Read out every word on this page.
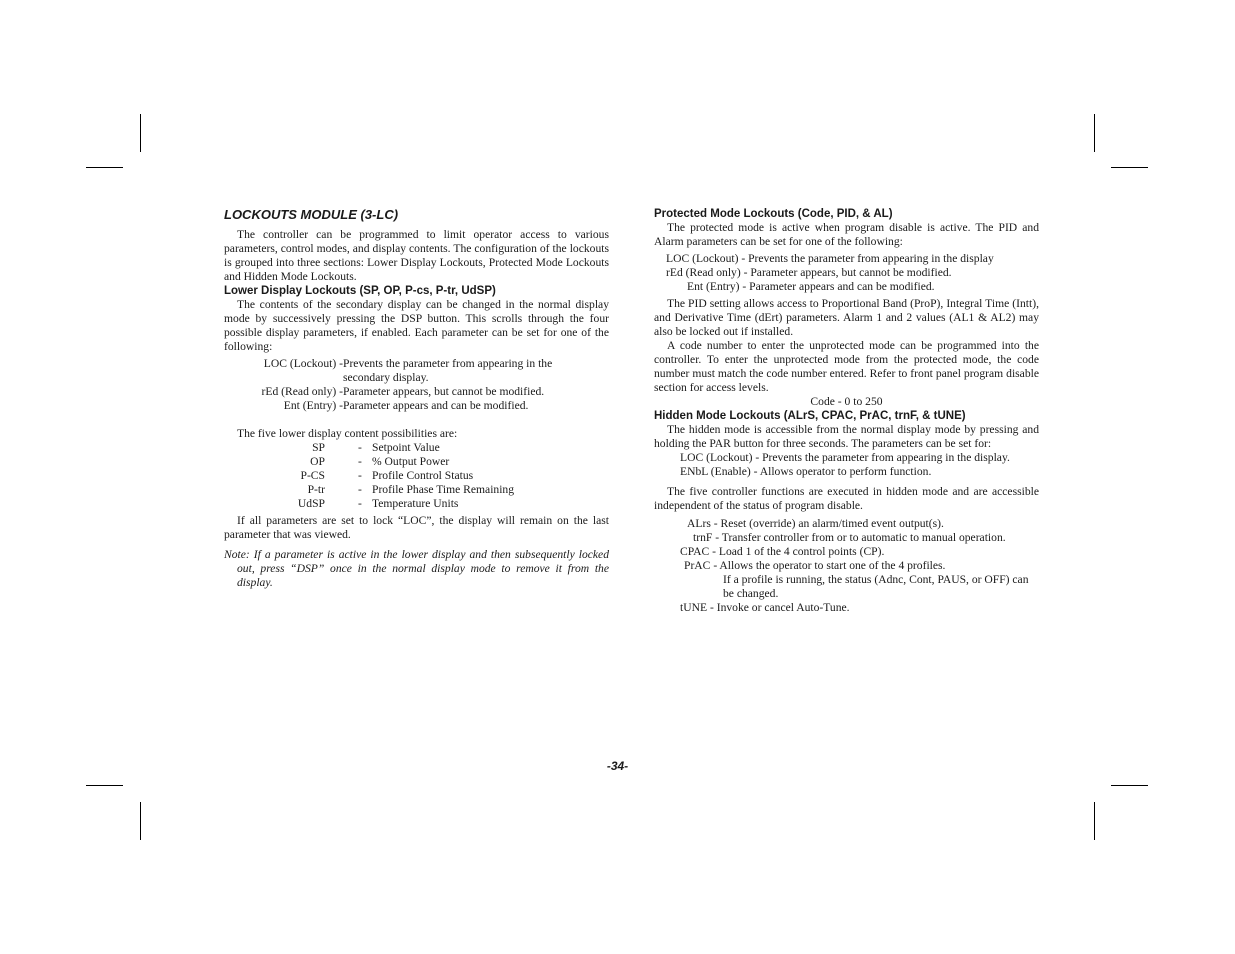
LOCKOUTS MODULE (3-LC)

The controller can be programmed to limit operator access to various parameters, control modes, and display contents. The configuration of the lockouts is grouped into three sections: Lower Display Lockouts, Protected Mode Lockouts and Hidden Mode Lockouts.

Lower Display Lockouts (SP, OP, P-cs, P-tr, UdSP)

The contents of the secondary display can be changed in the normal display mode by successively pressing the DSP button. This scrolls through the four possible display parameters, if enabled. Each parameter can be set for one of the following:

LOC (Lockout) - Prevents the parameter from appearing in the secondary display.
rEd (Read only) - Parameter appears, but cannot be modified.
Ent (Entry) - Parameter appears and can be modified.

The five lower display content possibilities are:

SP	- Setpoint Value
OP	- % Output Power
P-CS	- Profile Control Status
P-tr	- Profile Phase Time Remaining
UdSP	- Temperature Units

If all parameters are set to lock “LOC”, the display will remain on the last parameter that was viewed.

Note: If a parameter is active in the lower display and then subsequently locked out, press “DSP” once in the normal display mode to remove it from the display.

Protected Mode Lockouts (Code, PID, & AL)

The protected mode is active when program disable is active. The PID and Alarm parameters can be set for one of the following:

LOC (Lockout) - Prevents the parameter from appearing in the display
rEd (Read only) - Parameter appears, but cannot be modified.
Ent (Entry) - Parameter appears and can be modified.

The PID setting allows access to Proportional Band (ProP), Integral Time (Intt), and Derivative Time (dErt) parameters. Alarm 1 and 2 values (AL1 & AL2) may also be locked out if installed.

A code number to enter the unprotected mode can be programmed into the controller. To enter the unprotected mode from the protected mode, the code number must match the code number entered. Refer to front panel program disable section for access levels.

Code - 0 to 250
Hidden Mode Lockouts (ALrS, CPAC, PrAC, trnF, & tUNE)

The hidden mode is accessible from the normal display mode by pressing and holding the PAR button for three seconds. The parameters can be set for:

LOC (Lockout) - Prevents the parameter from appearing in the display.
ENbL (Enable) - Allows operator to perform function.

The five controller functions are executed in hidden mode and are accessible independent of the status of program disable.

ALrs - Reset (override) an alarm/timed event output(s).
trnF - Transfer controller from or to automatic to manual operation.
CPAC - Load 1 of the 4 control points (CP).
PrAC - Allows the operator to start one of the 4 profiles.
If a profile is running, the status (Adnc, Cont, PAUS, or OFF) can be changed.
tUNE - Invoke or cancel Auto-Tune.
-34-
